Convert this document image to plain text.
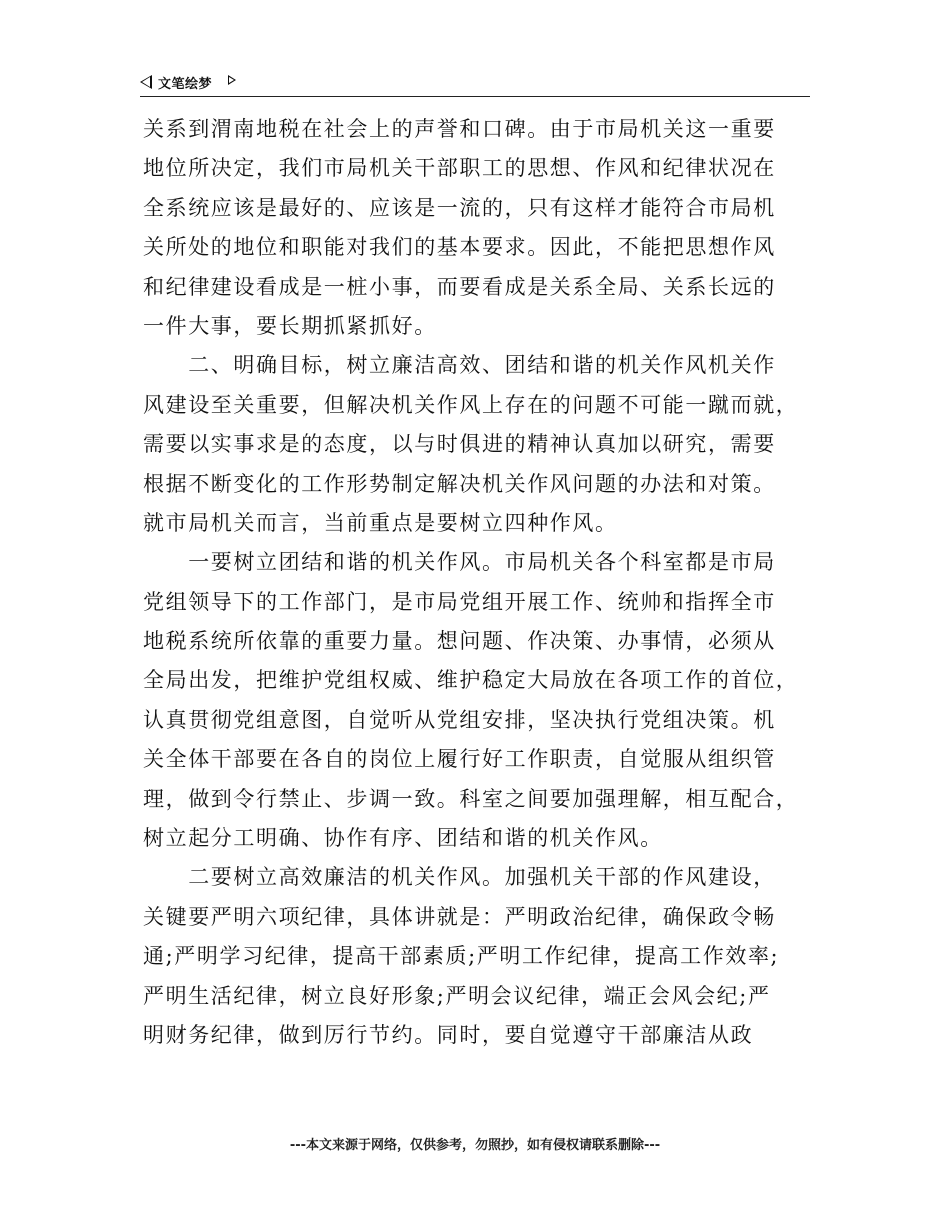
文笔绘梦
关系到渭南地税在社会上的声誉和口碑。由于市局机关这一重要
地位所决定，我们市局机关干部职工的思想、作风和纪律状况在
全系统应该是最好的、应该是一流的，只有这样才能符合市局机
关所处的地位和职能对我们的基本要求。因此，不能把思想作风
和纪律建设看成是一桩小事，而要看成是关系全局、关系长远的
一件大事，要长期抓紧抓好。
　　二、明确目标，树立廉洁高效、团结和谐的机关作风机关作
风建设至关重要，但解决机关作风上存在的问题不可能一蹴而就，
需要以实事求是的态度，以与时俱进的精神认真加以研究，需要
根据不断变化的工作形势制定解决机关作风问题的办法和对策。
就市局机关而言，当前重点是要树立四种作风。
　　一要树立团结和谐的机关作风。市局机关各个科室都是市局
党组领导下的工作部门，是市局党组开展工作、统帅和指挥全市
地税系统所依靠的重要力量。想问题、作决策、办事情，必须从
全局出发，把维护党组权威、维护稳定大局放在各项工作的首位，
认真贯彻党组意图，自觉听从党组安排，坚决执行党组决策。机
关全体干部要在各自的岗位上履行好工作职责，自觉服从组织管
理，做到令行禁止、步调一致。科室之间要加强理解，相互配合，
树立起分工明确、协作有序、团结和谐的机关作风。
　　二要树立高效廉洁的机关作风。加强机关干部的作风建设，
关键要严明六项纪律，具体讲就是：严明政治纪律，确保政令畅
通;严明学习纪律，提高干部素质;严明工作纪律，提高工作效率;
严明生活纪律，树立良好形象;严明会议纪律，端正会风会纪;严
明财务纪律，做到厉行节约。同时，要自觉遵守干部廉洁从政
---本文来源于网络，仅供参考，勿照抄，如有侵权请联系删除---
